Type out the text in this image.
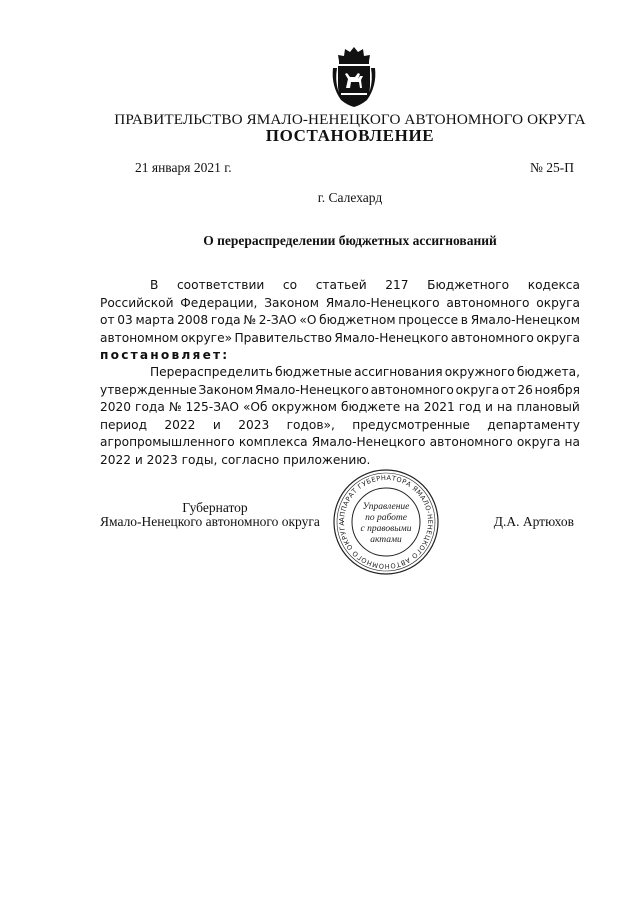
ПРАВИТЕЛЬСТВО ЯМАЛО-НЕНЕЦКОГО АВТОНОМНОГО ОКРУГА
ПОСТАНОВЛЕНИЕ
21 января 2021 г.	№ 25-П
г. Салехард
О перераспределении бюджетных ассигнований
В соответствии со статьей 217 Бюджетного кодекса
Российской Федерации, Законом Ямало-Ненецкого автономного округа
от 03 марта 2008 года № 2-ЗАО «О бюджетном процессе в Ямало-Ненецком
автономном округе» Правительство Ямало-Ненецкого автономного округа
постановляет:
Перераспределить бюджетные ассигнования окружного бюджета,
утвержденные Законом Ямало-Ненецкого автономного округа от 26 ноября
2020 года № 125-ЗАО «Об окружном бюджете на 2021 год и на плановый
период 2022 и 2023 годов», предусмотренные департаменту
агропромышленного комплекса Ямало-Ненецкого автономного округа на
2022 и 2023 годы, согласно приложению.
Губернатор
Ямало-Ненецкого автономного округа	Д.А. Артюхов
АППАРАТ ГУБЕРНАТОРА ЯМАЛО-НЕНЕЦКОГО АВТОНОМНОГО ОКРУГА
Управление
по работе
с правовыми
актами
